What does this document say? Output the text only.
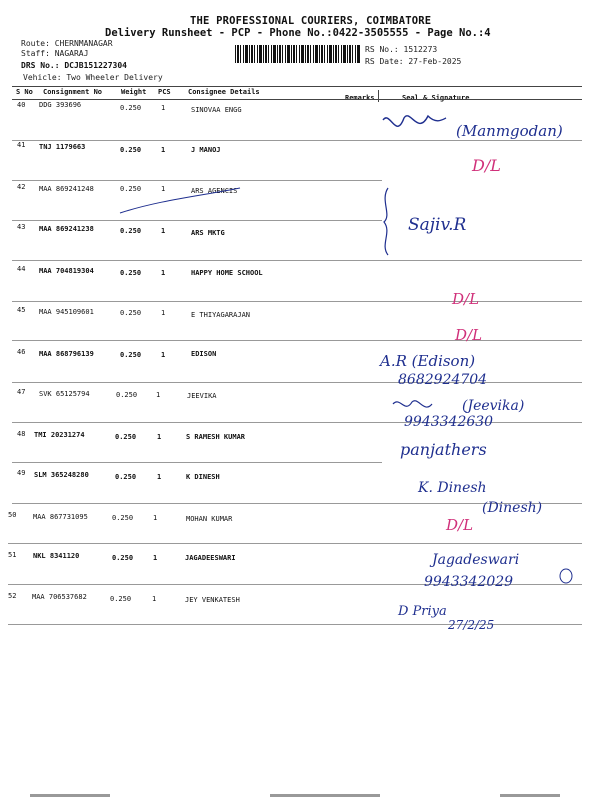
THE PROFESSIONAL COURIERS, COIMBATORE
Delivery Runsheet - PCP - Phone No.:0422-3505555 - Page No.:4
Route: CHERNMANAGAR
Staff: NAGARAJ
DRS No.: DCJB151227304
Vehicle: Two Wheeler Delivery
RS No.: 1512273
RS Date: 27-Feb-2025
S No Consignment No	Weight PCS Consignee Details
Remarks	Seal & Signature
40 DDG 393696	0.250	1	SINOVAA ENGG
41 TNJ 1179663	0.250	1	J MANOJ
42 MAA 869241248	0.250	1	ARS AGENCIS
43 MAA 869241238	0.250	1	ARS MKTG
44 MAA 704819304	0.250	1	HAPPY HOME SCHOOL
45 MAA 945109601	0.250	1	E THIYAGARAJAN
46 MAA 868796139	0.250	1	EDISON
47 SVK 65125794	0.250	1	JEEVIKA
48 TMI 20231274	0.250	1	S RAMESH KUMAR
49 SLM 365248280	0.250	1	K DINESH
50 MAA 867731095	0.250	1	MOHAN KUMAR
51 NKL 8341120	0.250	1	JAGADEESWARI
52 MAA 706537682	0.250	1	JEY VENKATESH
(Manmgodan)
D/L
Sajiv.R
D/L
D/L
A.R (Edison)
8682924704
(Jeevika)
9943342630
panjathers
K. Dinesh
(Dinesh)
D/L
Jagadeswari
9943342029
D Priya
27/2/25
